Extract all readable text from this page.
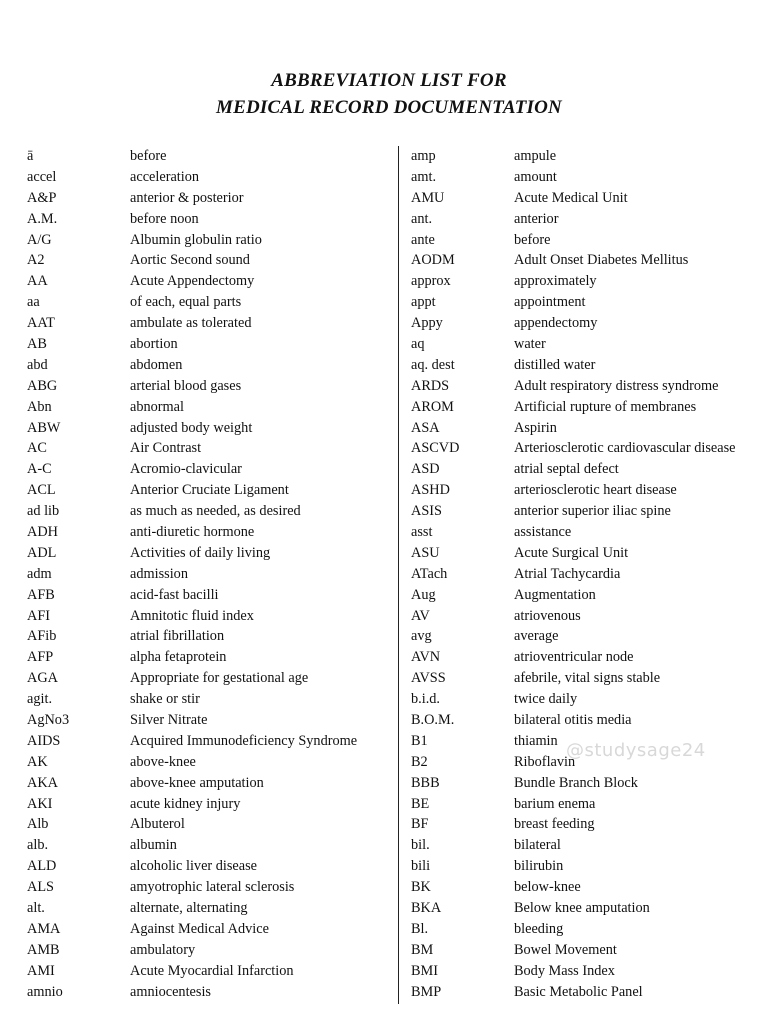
ABBREVIATION LIST FOR
MEDICAL RECORD DOCUMENTATION
ā	before
accel	acceleration
A&P	anterior & posterior
A.M.	before noon
A/G	Albumin globulin ratio
A2	Aortic Second sound
AA	Acute Appendectomy
aa	of each, equal parts
AAT	ambulate as tolerated
AB	abortion
abd	abdomen
ABG	arterial blood gases
Abn	abnormal
ABW	adjusted body weight
AC	Air Contrast
A-C	Acromio-clavicular
ACL	Anterior Cruciate Ligament
ad lib	as much as needed, as desired
ADH	anti-diuretic hormone
ADL	Activities of daily living
adm	admission
AFB	acid-fast bacilli
AFI	Amnitotic fluid index
AFib	atrial fibrillation
AFP	alpha fetaprotein
AGA	Appropriate for gestational age
agit.	shake or stir
AgNo3	Silver Nitrate
AIDS	Acquired Immunodeficiency Syndrome
AK	above-knee
AKA	above-knee amputation
AKI	acute kidney injury
Alb	Albuterol
alb.	albumin
ALD	alcoholic liver disease
ALS	amyotrophic lateral sclerosis
alt.	alternate, alternating
AMA	Against Medical Advice
AMB	ambulatory
AMI	Acute Myocardial Infarction
amnio	amniocentesis
amp	ampule
amt.	amount
AMU	Acute Medical Unit
ant.	anterior
ante	before
AODM	Adult Onset Diabetes Mellitus
approx	approximately
appt	appointment
Appy	appendectomy
aq	water
aq. dest	distilled water
ARDS	Adult respiratory distress syndrome
AROM	Artificial rupture of membranes
ASA	Aspirin
ASCVD	Arteriosclerotic cardiovascular disease
ASD	atrial septal defect
ASHD	arteriosclerotic heart disease
ASIS	anterior superior iliac spine
asst	assistance
ASU	Acute Surgical Unit
ATach	Atrial Tachycardia
Aug	Augmentation
AV	atriovenous
avg	average
AVN	atrioventricular node
AVSS	afebrile, vital signs stable
b.i.d.	twice daily
B.O.M.	bilateral otitis media
B1	thiamin
B2	Riboflavin
BBB	Bundle Branch Block
BE	barium enema
BF	breast feeding
bil.	bilateral
bili	bilirubin
BK	below-knee
BKA	Below knee amputation
Bl.	bleeding
BM	Bowel Movement
BMI	Body Mass Index
BMP	Basic Metabolic Panel
@studysage24
